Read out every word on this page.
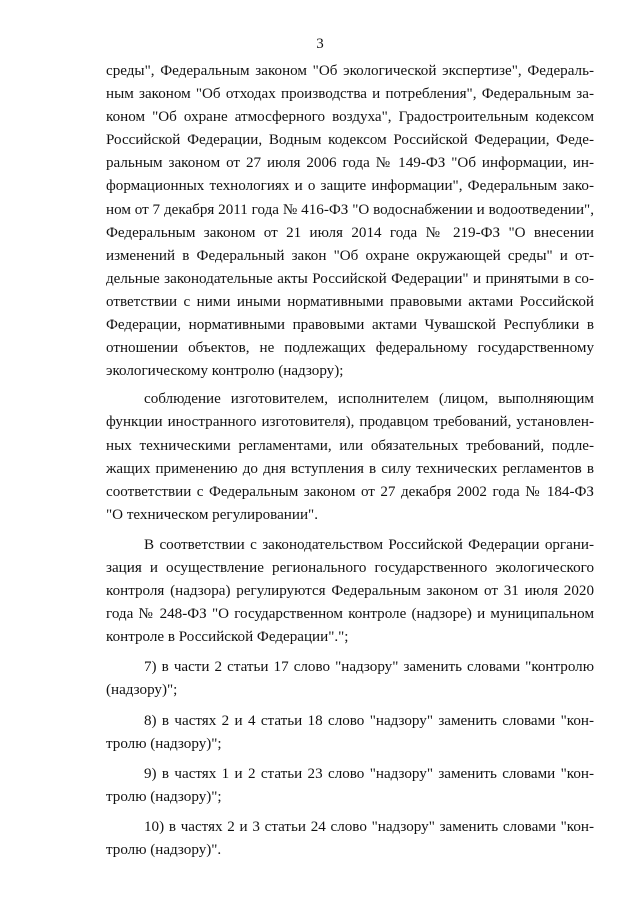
3

среды", Федеральным законом "Об экологической экспертизе", Федеральным законом "Об отходах производства и потребления", Федеральным законом "Об охране атмосферного воздуха", Градостроительным кодексом Российской Федерации, Водным кодексом Российской Федерации, Федеральным законом от 27 июля 2006 года № 149-ФЗ "Об информации, информационных технологиях и о защите информации", Федеральным законом от 7 декабря 2011 года № 416-ФЗ "О водоснабжении и водоотведении", Федеральным законом от 21 июля 2014 года № 219-ФЗ "О внесении изменений в Федеральный закон "Об охране окружающей среды" и отдельные законодательные акты Российской Федерации" и принятыми в соответствии с ними иными нормативными правовыми актами Российской Федерации, нормативными правовыми актами Чувашской Республики в отношении объектов, не подлежащих федеральному государственному экологическому контролю (надзору);

соблюдение изготовителем, исполнителем (лицом, выполняющим функции иностранного изготовителя), продавцом требований, установленных техническими регламентами, или обязательных требований, подлежащих применению до дня вступления в силу технических регламентов в соответствии с Федеральным законом от 27 декабря 2002 года № 184-ФЗ "О техническом регулировании".

В соответствии с законодательством Российской Федерации организация и осуществление регионального государственного экологического контроля (надзора) регулируются Федеральным законом от 31 июля 2020 года № 248-ФЗ "О государственном контроле (надзоре) и муниципальном контроле в Российской Федерации".";

7) в части 2 статьи 17 слово "надзору" заменить словами "контролю (надзору)";

8) в частях 2 и 4 статьи 18 слово "надзору" заменить словами "контролю (надзору)";

9) в частях 1 и 2 статьи 23 слово "надзору" заменить словами "контролю (надзору)";

10) в частях 2 и 3 статьи 24 слово "надзору" заменить словами "контролю (надзору)".
